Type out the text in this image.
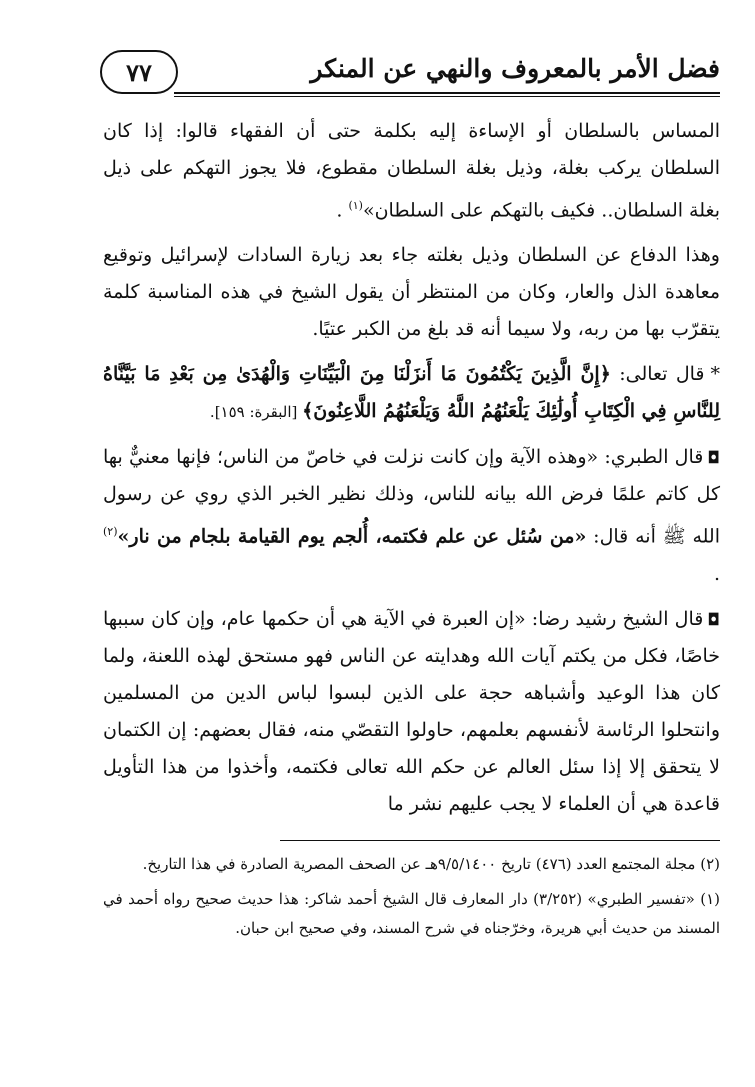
٧٧	فضل الأمر بالمعروف والنهي عن المنكر

المساس بالسلطان أو الإساءة إليه بكلمة حتى أن الفقهاء قالوا: إذا كان السلطان يركب بغلة، وذيل بغلة السلطان مقطوع، فلا يجوز التهكم على ذيل بغلة السلطان.. فكيف بالتهكم على السلطان»$^{(١)}$ .

وهذا الدفاع عن السلطان وذيل بغلته جاء بعد زيارة السادات لإسرائيل وتوقيع معاهدة الذل والعار، وكان من المنتظر أن يقول الشيخ في هذه المناسبة كلمة يتقرّب بها من ربه، ولا سيما أنه قد بلغ من الكبر عتيًا.

*قال تعالى: ﴿إِنَّ الَّذِينَ يَكْتُمُونَ مَا أَنزَلْنَا مِنَ الْبَيِّنَاتِ وَالْهُدَىٰ مِن بَعْدِ مَا بَيَّنَّاهُ لِلنَّاسِ فِي الْكِتَابِ أُولَٰئِكَ يَلْعَنُهُمُ اللَّهُ وَيَلْعَنُهُمُ اللَّاعِنُونَ﴾ [البقرة: ١٥٩].

◘قال الطبري: «وهذه الآية وإن كانت نزلت في خاصّ من الناس؛ فإنها معنيٌّ بها كل كاتم علمًا فرض الله بيانه للناس، وذلك نظير الخبر الذي روي عن رسول الله ﷺ أنه قال: «من سُئل عن علم فكتمه، أُلجم يوم القيامة بلجام من نار»$^{(٢)}$ .

◘قال الشيخ رشيد رضا: «إن العبرة في الآية هي أن حكمها عام، وإن كان سببها خاصًا، فكل من يكتم آيات الله وهدايته عن الناس فهو مستحق لهذه اللعنة، ولما كان هذا الوعيد وأشباهه حجة على الذين لبسوا لباس الدين من المسلمين وانتحلوا الرئاسة لأنفسهم بعلمهم، حاولوا التقصّي منه، فقال بعضهم: إن الكتمان لا يتحقق إلا إذا سئل العالم عن حكم الله تعالى فكتمه، وأخذوا من هذا التأويل قاعدة هي أن العلماء لا يجب عليهم نشر ما

(٢) مجلة المجتمع العدد (٤٧٦) تاريخ ٩/٥/١٤٠٠هـ عن الصحف المصرية الصادرة في هذا التاريخ.

(١) «تفسير الطبري» (٣/٢٥٢) دار المعارف قال الشيخ أحمد شاكر: هذا حديث صحيح رواه أحمد في المسند من حديث أبي هريرة، وخرّجناه في شرح المسند، وفي صحيح ابن حبان.
